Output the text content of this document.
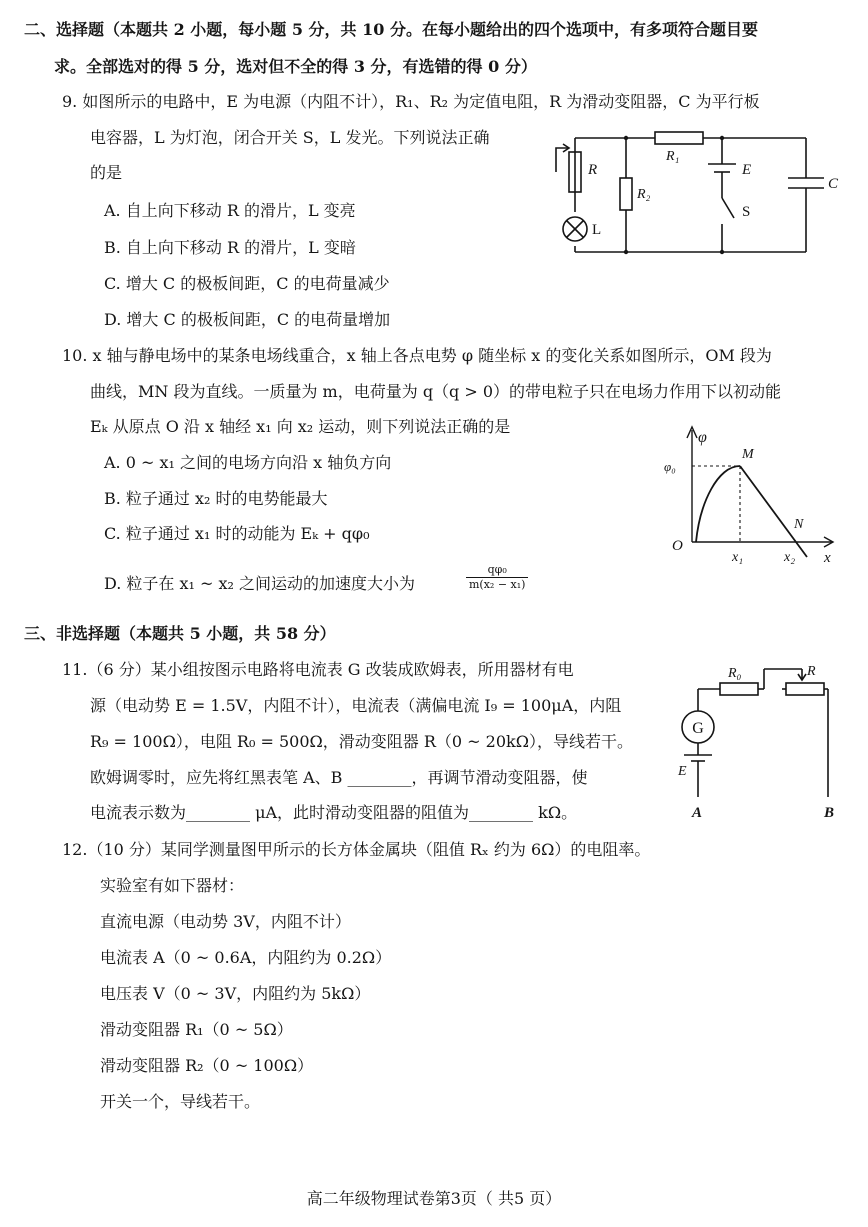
二、选择题（本题共 2 小题，每小题 5 分，共 10 分。在每小题给出的四个选项中，有多项符合题目要
求。全部选对的得 5 分，选对但不全的得 3 分，有选错的得 0 分）
9. 如图所示的电路中，E 为电源（内阻不计），R₁、R₂ 为定值电阻，R 为滑动变阻器，C 为平行板
电容器，L 为灯泡，闭合开关 S，L 发光。下列说法正确
的是
A. 自上向下移动 R 的滑片，L 变亮
B. 自上向下移动 R 的滑片，L 变暗
C. 增大 C 的极板间距，C 的电荷量减少
D. 增大 C 的极板间距，C 的电荷量增加
R
R₁
R₂
E
S
C
L
10. x 轴与静电场中的某条电场线重合，x 轴上各点电势 φ 随坐标 x 的变化关系如图所示，OM 段为
曲线，MN 段为直线。一质量为 m，电荷量为 q（q > 0）的带电粒子只在电场力作用下以初动能
Eₖ 从原点 O 沿 x 轴经 x₁ 向 x₂ 运动，则下列说法正确的是
A. 0 ~ x₁ 之间的电场方向沿 x 轴负方向
B. 粒子通过 x₂ 时的电势能最大
C. 粒子通过 x₁ 时的动能为 Eₖ + qφ₀
D. 粒子在 x₁ ~ x₂ 之间运动的加速度大小为	$\frac{\text{qφ₀}}{\text{m(x₂ − x₁)}}$
φ
φ₀
M
N
O
x₁	x₂ x
三、非选择题（本题共 5 小题，共 58 分）
11.（6 分）某小组按图示电路将电流表 G 改装成欧姆表，所用器材有电
源（电动势 E = 1.5V，内阻不计），电流表（满偏电流 I₉ = 100μA，内阻
R₉ = 100Ω），电阻 R₀ = 500Ω，滑动变阻器 R（0 ~ 20kΩ），导线若干。
欧姆调零时，应先将红黑表笔 A、B ________，再调节滑动变阻器，使
电流表示数为________ μA，此时滑动变阻器的阻值为________ kΩ。
R₀	R
G
E
A	B
12.（10 分）某同学测量图甲所示的长方体金属块（阻值 Rₓ 约为 6Ω）的电阻率。
实验室有如下器材：
直流电源（电动势 3V，内阻不计）
电流表 A（0 ~ 0.6A，内阻约为 0.2Ω）
电压表 V（0 ~ 3V，内阻约为 5kΩ）
滑动变阻器 R₁（0 ~ 5Ω）
滑动变阻器 R₂（0 ~ 100Ω）
开关一个，导线若干。
高二年级物理试卷第3页（ 共5 页）
